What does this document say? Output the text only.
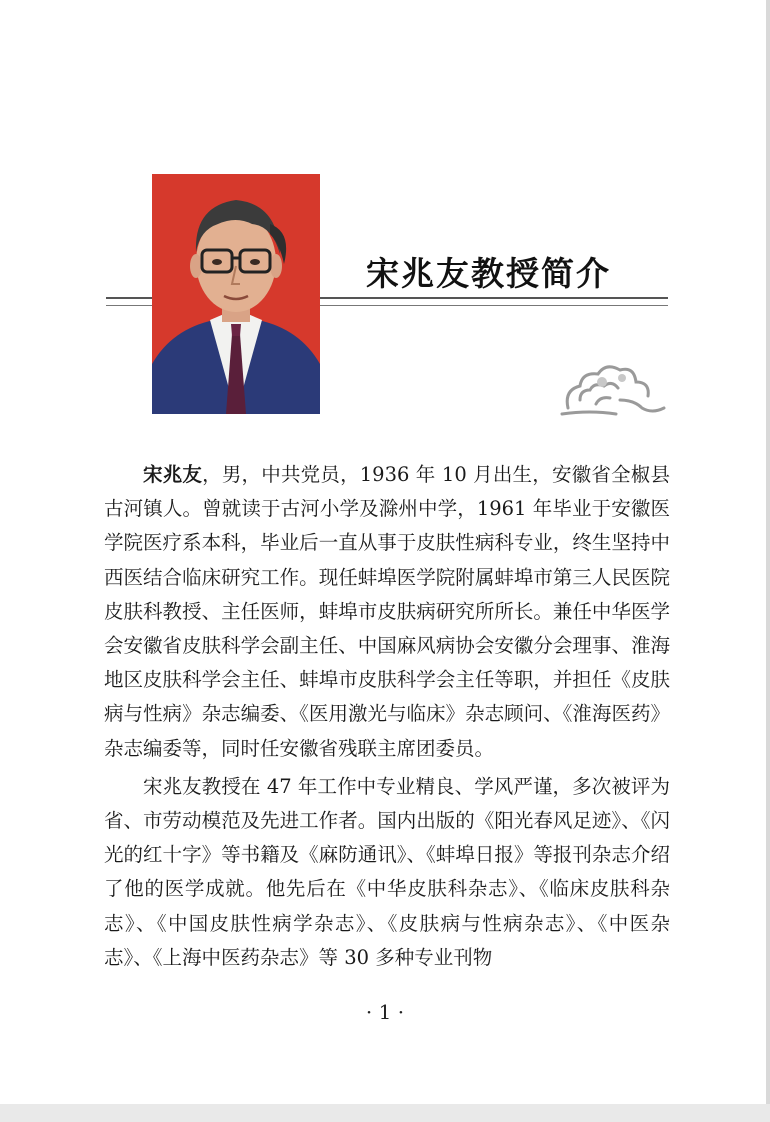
宋兆友教授简介

宋兆友，男，中共党员，1936 年 10 月出生，安徽省全椒县古河镇人。曾就读于古河小学及滁州中学，1961 年毕业于安徽医学院医疗系本科，毕业后一直从事于皮肤性病科专业，终生坚持中西医结合临床研究工作。现任蚌埠医学院附属蚌埠市第三人民医院皮肤科教授、主任医师，蚌埠市皮肤病研究所所长。兼任中华医学会安徽省皮肤科学会副主任、中国麻风病协会安徽分会理事、淮海地区皮肤科学会主任、蚌埠市皮肤科学会主任等职，并担任《皮肤病与性病》杂志编委、《医用激光与临床》杂志顾问、《淮海医药》杂志编委等，同时任安徽省残联主席团委员。

宋兆友教授在 47 年工作中专业精良、学风严谨，多次被评为省、市劳动模范及先进工作者。国内出版的《阳光春风足迹》、《闪光的红十字》等书籍及《麻防通讯》、《蚌埠日报》等报刊杂志介绍了他的医学成就。他先后在《中华皮肤科杂志》、《临床皮肤科杂志》、《中国皮肤性病学杂志》、《皮肤病与性病杂志》、《中医杂志》、《上海中医药杂志》等 30 多种专业刊物

· 1 ·
